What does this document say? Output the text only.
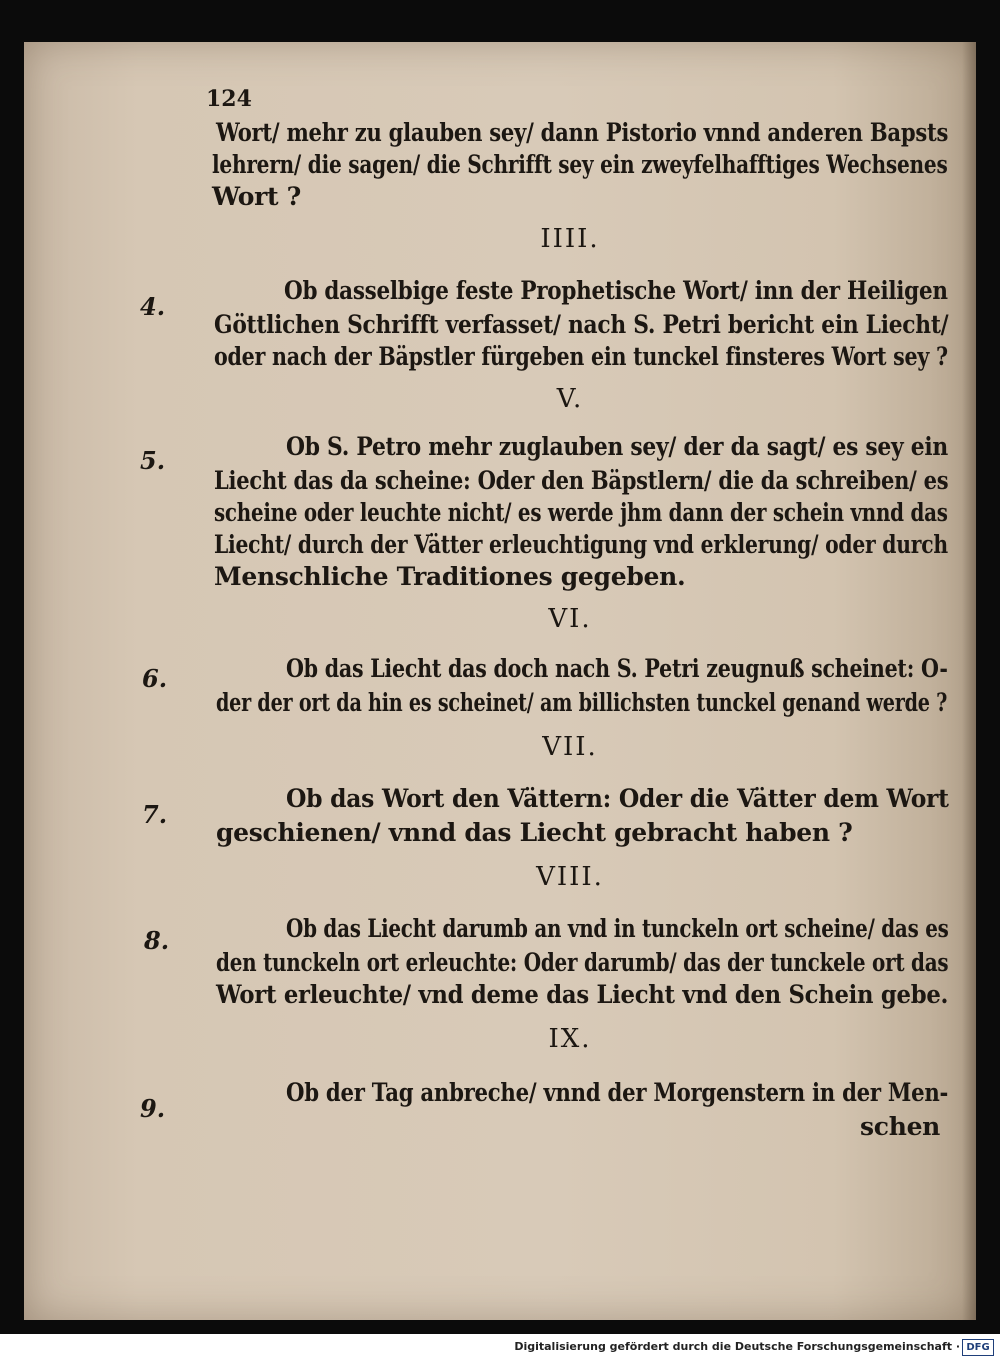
124
Wort/ mehr zu glauben sey/ dann Pistorio vnnd anderen Bapsts
lehrern/ die sagen/ die Schrifft sey ein zweyfelhafftiges Wechsenes
Wort ?
IIII.
4.
Ob dasselbige feste Prophetische Wort/ inn der Heiligen
Göttlichen Schrifft verfasset/ nach S. Petri bericht ein Liecht/
oder nach der Bäpstler fürgeben ein tunckel finsteres Wort sey ?
V.
5.	Ob S. Petro mehr zuglauben sey/ der da sagt/ es sey ein
Liecht das da scheine: Oder den Bäpstlern/ die da schreiben/ es
scheine oder leuchte nicht/ es werde jhm dann der schein vnnd das
Liecht/ durch der Vätter erleuchtigung vnd erklerung/ oder durch
Menschliche Traditiones gegeben.
VI.
6.	Ob das Liecht das doch nach S. Petri zeugnuß scheinet: O-
der der ort da hin es scheinet/ am billichsten tunckel genand werde ?
VII.
7.
Ob das Wort den Vättern: Oder die Vätter dem Wort
geschienen/ vnnd das Liecht gebracht haben ?
VIII.
8.	Ob das Liecht darumb an vnd in tunckeln ort scheine/ das es
den tunckeln ort erleuchte: Oder darumb/ das der tunckele ort das
Wort erleuchte/ vnd deme das Liecht vnd den Schein gebe.
IX.
9.
Ob der Tag anbreche/ vnnd der Morgenstern in der Men-
schen
Digitalisierung gefördert durch die Deutsche Forschungsgemeinschaft · DFG
